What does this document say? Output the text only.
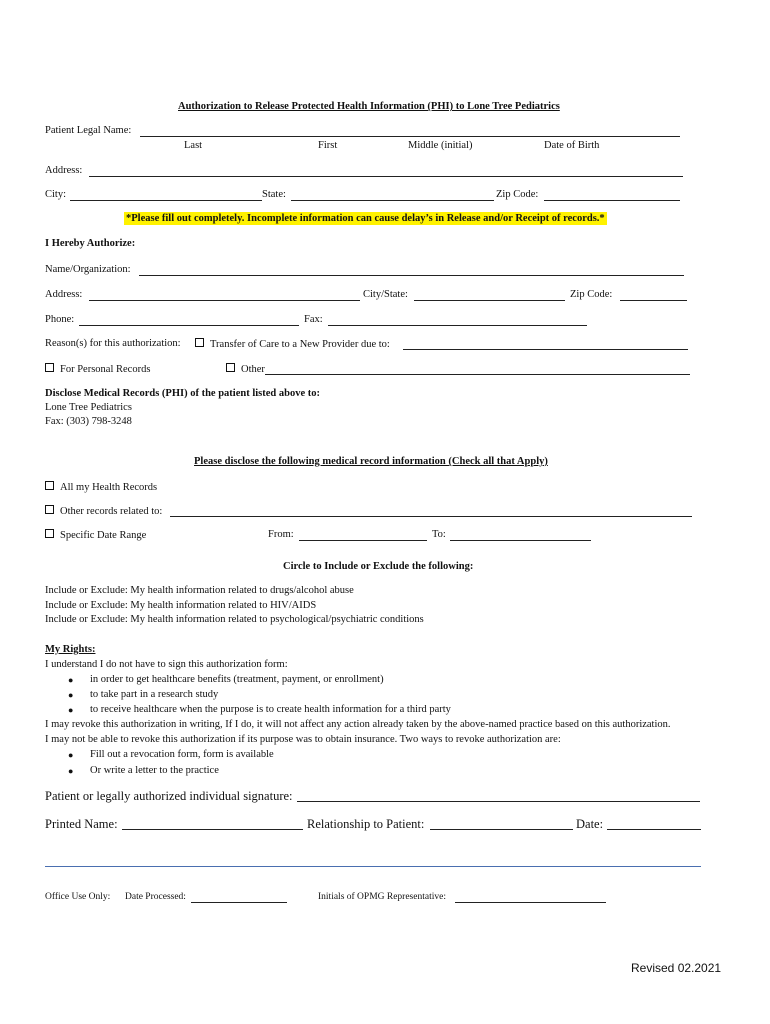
Authorization to Release Protected Health Information (PHI) to Lone Tree Pediatrics
Patient Legal Name:
Last	First	Middle (initial)	Date of Birth
Address:
City:	State:	Zip Code:
*Please fill out completely. Incomplete information can cause delay’s in Release and/or Receipt of records.*
I Hereby Authorize:
Name/Organization:
Address:	City/State:	Zip Code:
Phone:	Fax:
Reason(s) for this authorization:	Transfer of Care to a New Provider due to:
For Personal Records	Other
Disclose Medical Records (PHI) of the patient listed above to:
Lone Tree Pediatrics
Fax: (303) 798-3248
Please disclose the following medical record information (Check all that Apply)
All my Health Records
Other records related to:
Specific Date Range	From:	To:
Circle to Include or Exclude the following:
Include or Exclude: My health information related to drugs/alcohol abuse
Include or Exclude: My health information related to HIV/AIDS
Include or Exclude: My health information related to psychological/psychiatric conditions
My Rights:
I understand I do not have to sign this authorization form:
● in order to get healthcare benefits (treatment, payment, or enrollment)
● to take part in a research study
● to receive healthcare when the purpose is to create health information for a third party
I may revoke this authorization in writing, If I do, it will not affect any action already taken by the above-named practice based on this authorization.
I may not be able to revoke this authorization if its purpose was to obtain insurance. Two ways to revoke authorization are:
● Fill out a revocation form, form is available
● Or write a letter to the practice
Patient or legally authorized individual signature:
Printed Name:	Relationship to Patient:	Date:
Office Use Only: Date Processed:	Initials of OPMG Representative:
Revised 02.2021
